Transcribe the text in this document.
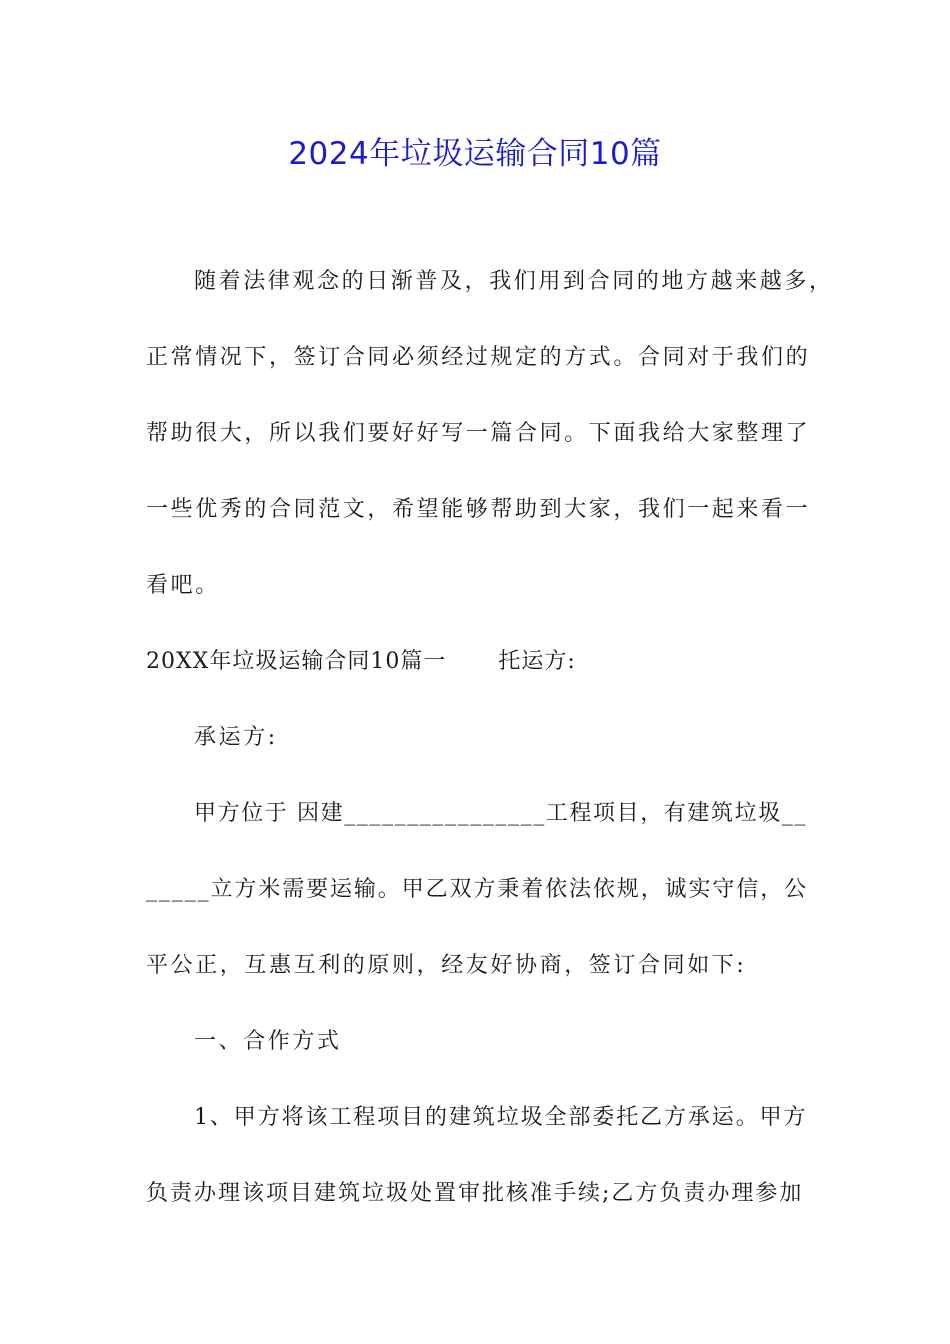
2024年垃圾运输合同10篇
随着法律观念的日渐普及，我们用到合同的地方越来越多，
正常情况下，签订合同必须经过规定的方式。合同对于我们的
帮助很大，所以我们要好好写一篇合同。下面我给大家整理了
一些优秀的合同范文，希望能够帮助到大家，我们一起来看一
看吧。
20XX年垃圾运输合同10篇一 托运方:
承运方:
甲方位于 因建________________工程项目，有建筑垃圾__
_____立方米需要运输。甲乙双方秉着依法依规，诚实守信，公
平公正，互惠互利的原则，经友好协商，签订合同如下:
一、合作方式
1、甲方将该工程项目的建筑垃圾全部委托乙方承运。甲方
负责办理该项目建筑垃圾处置审批核准手续;乙方负责办理参加
